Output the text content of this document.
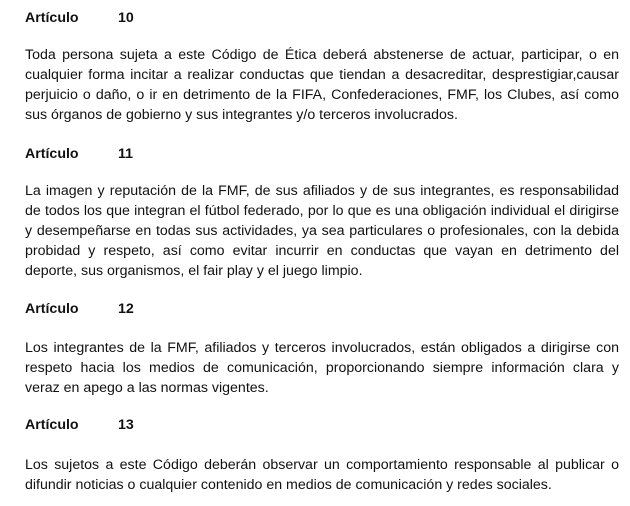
Artículo	10
Toda persona sujeta a este Código de Ética deberá abstenerse de actuar, participar, o en
cualquier forma incitar a realizar conductas que tiendan a desacreditar, desprestigiar,causar
perjuicio o daño, o ir en detrimento de la FIFA, Confederaciones, FMF, los Clubes, así como
sus órganos de gobierno y sus integrantes y/o terceros involucrados.
Artículo	11
La imagen y reputación de la FMF, de sus afiliados y de sus integrantes, es responsabilidad
de todos los que integran el fútbol federado, por lo que es una obligación individual el dirigirse
y desempeñarse en todas sus actividades, ya sea particulares o profesionales, con la debida
probidad y respeto, así como evitar incurrir en conductas que vayan en detrimento del
deporte, sus organismos, el fair play y el juego limpio.
Artículo	12
Los integrantes de la FMF, afiliados y terceros involucrados, están obligados a dirigirse con
respeto hacia los medios de comunicación, proporcionando siempre información clara y
veraz en apego a las normas vigentes.
Artículo	13
Los sujetos a este Código deberán observar un comportamiento responsable al publicar o
difundir noticias o cualquier contenido en medios de comunicación y redes sociales.
